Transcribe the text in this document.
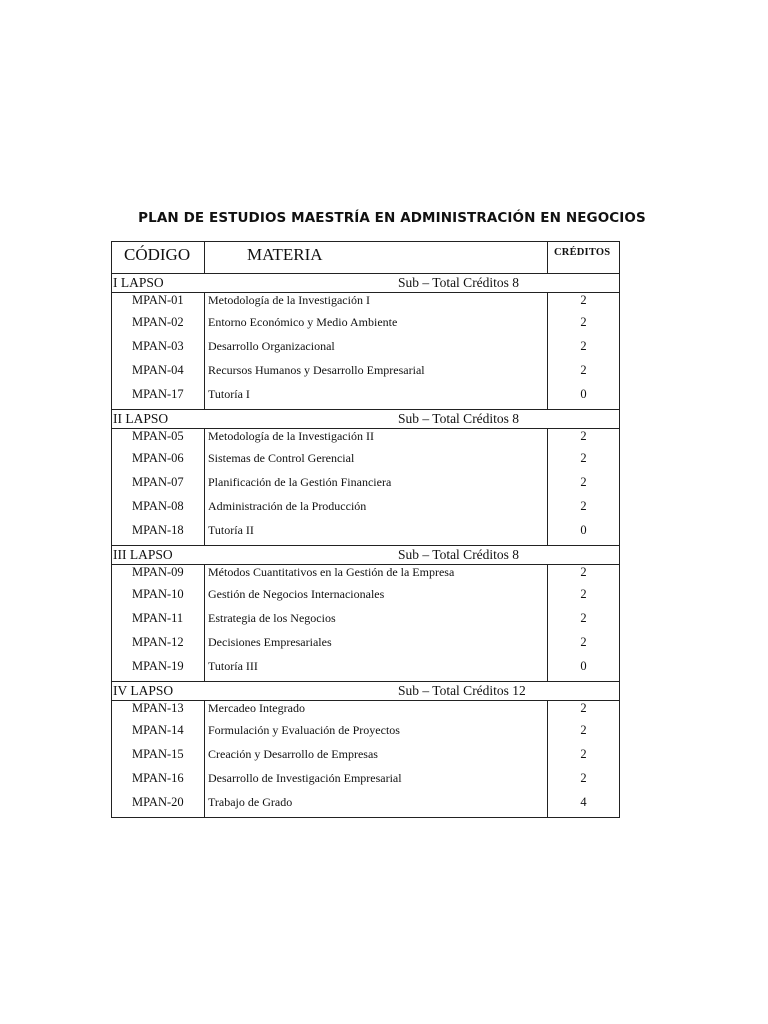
PLAN DE ESTUDIOS MAESTRÍA EN ADMINISTRACIÓN EN NEGOCIOS
CÓDIGO	MATERIA	CRÉDITOS
I LAPSO	Sub – Total Créditos 8
MPAN-01	Metodología de la Investigación I	2
MPAN-02	Entorno Económico y Medio Ambiente	2
MPAN-03	Desarrollo Organizacional	2
MPAN-04	Recursos Humanos y Desarrollo Empresarial	2
MPAN-17	Tutoría I	0
II LAPSO	Sub – Total Créditos 8
MPAN-05	Metodología de la Investigación II	2
MPAN-06	Sistemas de Control Gerencial	2
MPAN-07	Planificación de la Gestión Financiera	2
MPAN-08	Administración de la Producción	2
MPAN-18	Tutoría II	0
III LAPSO	Sub – Total Créditos 8
MPAN-09	Métodos Cuantitativos en la Gestión de la Empresa	2
MPAN-10	Gestión de Negocios Internacionales	2
MPAN-11	Estrategia de los Negocios	2
MPAN-12	Decisiones Empresariales	2
MPAN-19	Tutoría III	0
IV LAPSO	Sub – Total Créditos 12
MPAN-13	Mercadeo Integrado	2
MPAN-14	Formulación y Evaluación de Proyectos	2
MPAN-15	Creación y Desarrollo de Empresas	2
MPAN-16	Desarrollo de Investigación Empresarial	2
MPAN-20	Trabajo de Grado	4
